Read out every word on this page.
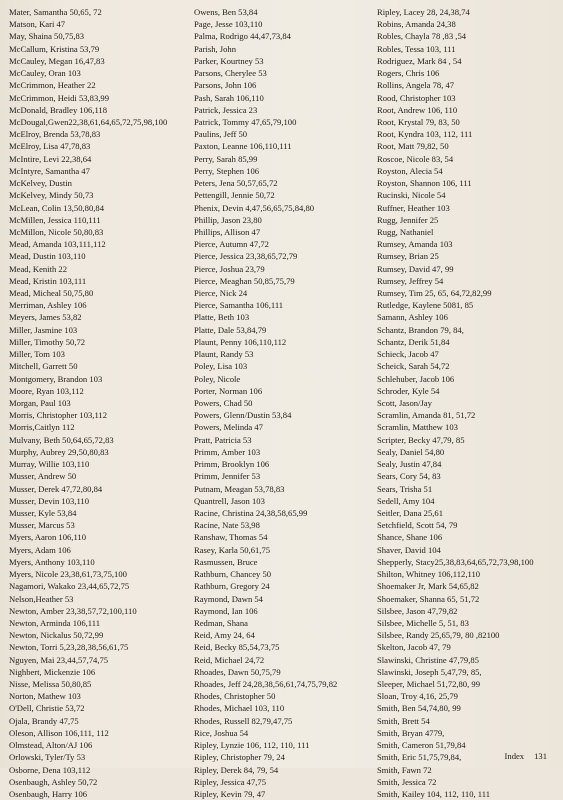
Mater, Samantha 50,65, 72
Matson, Kari 47
May, Shaina 50,75,83
McCallum, Kristina 53,79
McCauley, Megan 16,47,83
McCauley, Oran 103
McCrimmon, Heather 22
McCrimmon, Heidi 53,83,99
McDonald, Bradley 106,118
McDougal,Gwen22,38,61,64,65,72,75,98,100
McElroy, Brenda 53,78,83
McElroy, Lisa 47,78,83
McIntire, Levi 22,38,64
McIntyre, Samantha 47
McKelvey, Dustin
McKelvey, Mindy 50,73
McLean, Colin 13,50,80,84
McMillen, Jessica 110,111
McMillon, Nicole 50,80,83
Mead, Amanda 103,111,112
Mead, Dustin 103,110
Mead, Kenith 22
Mead, Kristin 103,111
Mead, Micheal 50,75,80
Merriman, Ashley 106
Meyers, James 53,82
Miller, Jasmine 103
Miller, Timothy 50,72
Miller, Tom 103
Mitchell, Garrett 50
Montgomery, Brandon 103
Moore, Ryan 103,112
Morgan, Paul 103
Morris, Christopher 103,112
Morris,Caitlyn 112
Mulvany, Beth 50,64,65,72,83
Murphy, Aubrey 29,50,80,83
Murray, Willie 103,110
Musser, Andrew 50
Musser, Derek 47,72,80,84
Musser, Devin 103,110
Musser, Kyle 53,84
Musser, Marcus 53
Myers, Aaron 106,110
Myers, Adam 106
Myers, Anthony 103,110
Myers, Nicole 23,38,61,73,75,100
Nagamori, Wakako 23,44,65,72,75
Nelson,Heather 53
Newton, Amber 23,38,57,72,100,110
Newton, Arminda 106,111
Newton, Nickalus 50,72,99
Newton, Torri 5,23,28,38,56,61,75
Nguyen, Mai 23,44,57,74,75
Nighbert, Mickenzie 106
Nisse, Melissa 50,80,85
Norton, Mathew 103
O'Dell, Christie 53,72
Ojala, Brandy 47,75
Oleson, Allison 106,111, 112
Olmstead, Alton/AJ 106
Orlowski, Tyler/Ty 53
Osborne, Dena 103,112
Osenbaugh, Ashley 50,72
Osenbaugh, Harry 106
Owens, Ben 53,84
Page, Jesse 103,110
Palma, Rodrigo 44,47,73,84
Parish, John
Parker, Kourtney 53
Parsons, Cherylee 53
Parsons, John 106
Pash, Sarah 106,110
Patrick, Jessica 23
Patrick, Tommy 47,65,79,100
Paulins, Jeff 50
Paxton, Leanne 106,110,111
Perry, Sarah 85,99
Perry, Stephen 106
Peters, Jena 50,57,65,72
Pettengill, Jennie 50,72
Phenix, Devin 4,47,56,65,75,84,80
Phillip, Jason 23,80
Phillips, Allison 47
Pierce, Autumn 47,72
Pierce, Jessica 23,38,65,72,79
Pierce, Joshua 23,79
Pierce, Meaghan 50,85,75,79
Pierce, Nick 24
Pierce, Samantha 106,111
Platte, Beth 103
Platte, Dale 53,84,79
Plaunt, Penny 106,110,112
Plaunt, Randy 53
Poley, Lisa 103
Poley, Nicole
Porter, Norman 106
Powers, Chad 50
Powers, Glenn/Dustin 53,84
Powers, Melinda 47
Pratt, Patricia 53
Primm, Amber 103
Primm, Brooklyn 106
Primm, Jennifer 53
Putnam, Meagan 53,78,83
Quantrell, Jason 103
Racine, Christina 24,38,58,65,99
Racine, Nate 53,98
Ranshaw, Thomas 54
Rasey, Karla 50,61,75
Rasmussen, Bruce
Rathburn, Chancey 50
Rathburn, Gregory 24
Raymond, Dawn 54
Raymond, Ian 106
Redman, Shana
Reid, Amy 24, 64
Reid, Becky 85,54,73,75
Reid, Michael 24,72
Rhoades, Dawn 50,75,79
Rhoades, Jeff 24,28,38,56,61,74,75,79,82
Rhodes, Christopher 50
Rhodes, Michael 103, 110
Rhodes, Russell 82,79,47,75
Rice, Joshua 54
Ripley, Lynzie 106, 112, 110, 111
Ripley, Christopher 79, 24
Ripley, Derek 84, 79, 54
Ripley, Jessica 47,75
Ripley, Kevin 79, 47
Ripley, Lacey 28, 24,38,74
Robins, Amanda 24,38
Robles, Chayla 78 ,83 ,54
Robles, Tessa 103, 111
Rodriguez, Mark 84 , 54
Rogers, Chris 106
Rollins, Angela 78, 47
Rood, Christopher 103
Root, Andrew 106, 110
Root, Krystal 79, 83, 50
Root, Kyndra 103, 112, 111
Root, Matt 79,82, 50
Roscoe, Nicole 83, 54
Royston, Alecia 54
Royston, Shannon 106, 111
Rucinski, Nicole 54
Ruffner, Heather 103
Rugg, Jennifer 25
Rugg, Nathaniel
Rumsey, Amanda 103
Rumsey, Brian 25
Rumsey, David 47, 99
Rumsey, Jeffrey 54
Rumsey, Tim 25, 65, 64,72,82,99
Rutledge, Kaylene 5081, 85
Samann, Ashley 106
Schantz, Brandon 79, 84,
Schantz, Derik 51,84
Schieck, Jacob 47
Scheick, Sarah 54,72
Schlehuber, Jacob 106
Schroder, Kyle 54
Scott, Jason/Jay
Scramlin, Amanda 81, 51,72
Scramlin, Matthew 103
Scripter, Becky 47,79, 85
Sealy, Daniel 54,80
Sealy, Justin 47,84
Sears, Cory 54, 83
Sears, Trisha 51
Sedell, Amy 104
Seitler, Dana 25,61
Setchfield, Scott 54, 79
Shance, Shane 106
Shaver, David 104
Shepperly, Stacy25,38,83,64,65,72,73,98,100
Shilton, Whitney 106,112,110
Shoemaker Jr, Mark 54,65,82
Shoemaker, Shanna 65, 51,72
Silsbee, Jason 47,79,82
Silsbee, Michelle 5, 51, 83
Silsbee, Randy 25,65,79, 80 ,82100
Skelton, Jacob 47, 79
Slawinski, Christine 47,79,85
Slawinski, Joseph 5,47,79, 85,
Sleeper, Michael 51,72,80, 99
Sloan, Troy 4,16, 25,79
Smith, Ben 54,74,80, 99
Smith, Brett 54
Smith, Bryan 4779,
Smith, Cameron 51,79,84
Smith, Eric 51,75,79,84,
Smith, Fawn 72
Smith, Jessica 72
Smith, Kailey 104, 112, 110, 111
Index 131
